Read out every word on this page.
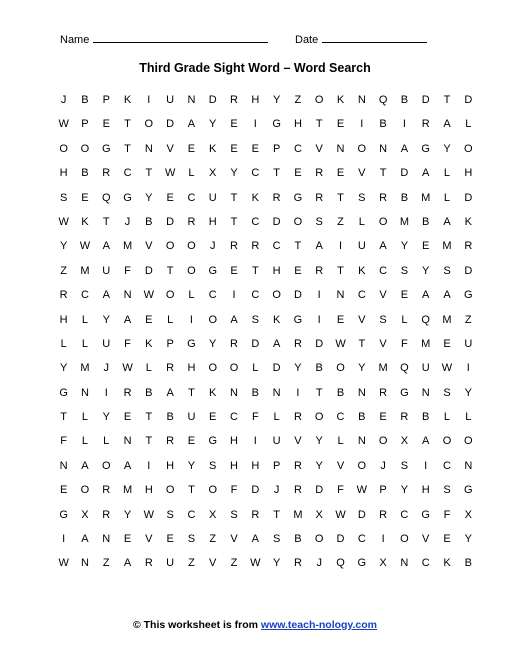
Name	Date
Third Grade Sight Word – Word Search
J	B	P	K	I	U	N	D	R	H	Y	Z	O	K	N	Q	B	D	T	D
W	P	E	T	O	D	A	Y	E	I	G	H	T	E	I	B	I	R	A	L
O	O	G	T	N	V	E	K	E	E	P	C	V	N	O	N	A	G	Y	O
H	B	R	C	T	W	L	X	Y	C	T	E	R	E	V	T	D	A	L	H
S	E	Q	G	Y	E	C	U	T	K	R	G	R	T	S	R	B	M	L	D
W	K	T	J	B	D	R	H	T	C	D	O	S	Z	L	O	M	B	A	K
Y	W	A	M	V	O	O	J	R	R	C	T	A	I	U	A	Y	E	M	R
Z	M	U	F	D	T	O	G	E	T	H	E	R	T	K	C	S	Y	S	D
R	C	A	N	W	O	L	C	I	C	O	D	I	N	C	V	E	A	A	G
H	L	Y	A	E	L	I	O	A	S	K	G	I	E	V	S	L	Q	M	Z
L	L	U	F	K	P	G	Y	R	D	A	R	D	W	T	V	F	M	E	U
Y	M	J	W	L	R	H	O	O	L	D	Y	B	O	Y	M	Q	U	W	I
G	N	I	R	B	A	T	K	N	B	N	I	T	B	N	R	G	N	S	Y
T	L	Y	E	T	B	U	E	C	F	L	R	O	C	B	E	R	B	L	L
F	L	L	N	T	R	E	G	H	I	U	V	Y	L	N	O	X	A	O	O
N	A	O	A	I	H	Y	S	H	H	P	R	Y	V	O	J	S	I	C	N
E	O	R	M	H	O	T	O	F	D	J	R	D	F	W	P	Y	H	S	G
G	X	R	Y	W	S	C	X	S	R	T	M	X	W	D	R	C	G	F	X
I	A	N	E	V	E	S	Z	V	A	S	B	O	D	C	I	O	V	E	Y
W	N	Z	A	R	U	Z	V	Z	W	Y	R	J	Q	G	X	N	C	K	B
© This worksheet is from www.teach-nology.com
